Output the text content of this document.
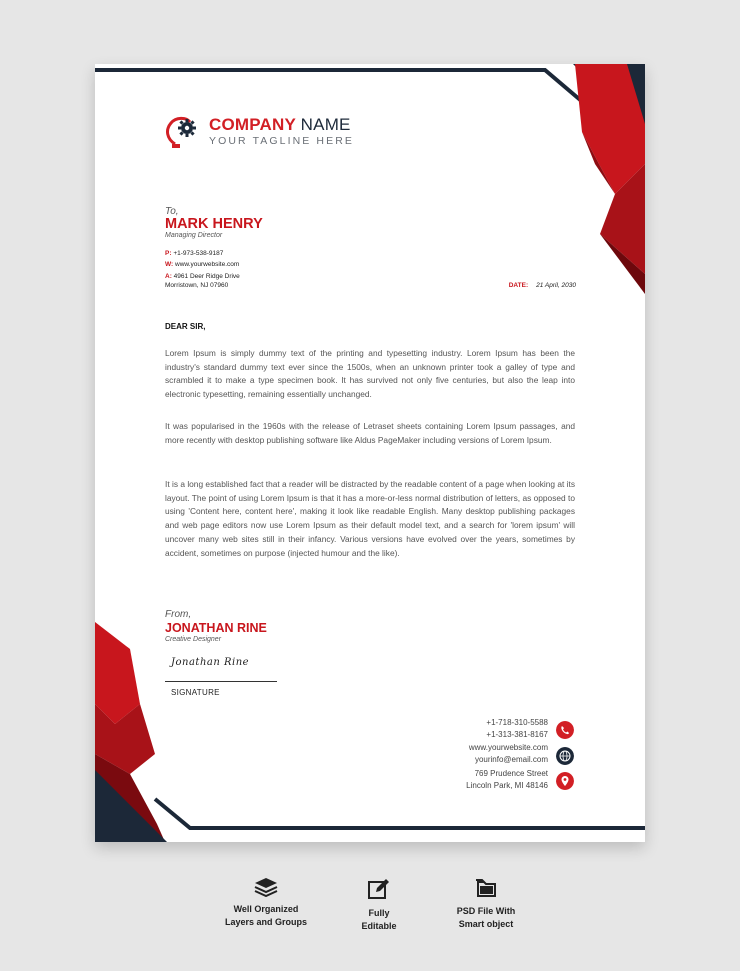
COMPANY NAME
YOUR TAGLINE HERE
To,
MARK HENRY
Managing Director
P: +1-973-538-9187
W: www.yourwebsite.com
A: 4961 Deer Ridge Drive
Morristown, NJ 07960	DATE: 21 April, 2030
DEAR SIR,
Lorem Ipsum is simply dummy text of the printing and typesetting industry. Lorem Ipsum has been the industry's standard dummy text ever since the 1500s, when an unknown printer took a galley of type and scrambled it to make a type specimen book. It has survived not only five centuries, but also the leap into electronic typesetting, remaining essentially unchanged.
It was popularised in the 1960s with the release of Letraset sheets containing Lorem Ipsum passages, and more recently with desktop publishing software like Aldus PageMaker including versions of Lorem Ipsum.
It is a long established fact that a reader will be distracted by the readable content of a page when looking at its layout. The point of using Lorem Ipsum is that it has a more-or-less normal distribution of letters, as opposed to using 'Content here, content here', making it look like readable English. Many desktop publishing packages and web page editors now use Lorem Ipsum as their default model text, and a search for 'lorem ipsum' will uncover many web sites still in their infancy. Various versions have evolved over the years, sometimes by accident, sometimes on purpose (injected humour and the like).
From,
JONATHAN RINE
Creative Designer
Jonathan Rine
SIGNATURE
+1-718-310-5588
+1-313-381-8167
www.yourwebsite.com
yourinfo@email.com
769 Prudence Street
Lincoln Park, MI 48146
Well Organized
Layers and Groups
Fully
Editable
PSD File With
Smart object
